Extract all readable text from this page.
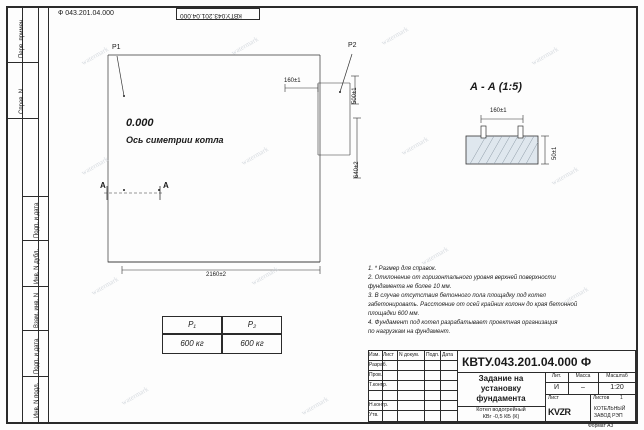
Перв. примен.
Справ. N
Подп. и дата
Инв. N дубл.
Взам. инв. N
Подп. и дата
Инв. N подл.
Ф 043.201.04.000	КВТУ.043.201.04.000
Р1	Р2
0.000
Ось симетрии котла
А	А
160±1
500±1
640±2
2160±2
А - А (1:5)
160±1
50±1
Р₁	Р₂
600 кг	600 кг
1. * Размер для справок.
2. Отклонение от горизонтального уровня верхней поверхности
фундамента не более 10 мм.
3. В случае отсутствия бетонного пола площадку под котел
забетонировать. Расстояние от осей крайних колонн до края бетонной
площадки 600 мм.
4. Фундамент под котел разрабатывает проектная организация
по нагрузкам на фундамент.
Изм. Лист N докум. Подп. Дата
Разраб.
Пров.
Т.контр.
Н.контр.
Утв.
КВТУ.043.201.04.000 Ф
Задание на
установку
фундамента
Котел водогрейный
КВг -0,5 КБ (К)
Лит.	Масса	Масштаб
И	–	1:20
Лист	Листов 1
KVZR	КОТЕЛЬНЫЙ
ЗАВОД РЭП
Формат А3
watermark	watermark	watermark
watermark
watermark	watermark	watermark
watermark
watermark	watermark
watermark
watermark
watermark	watermark
